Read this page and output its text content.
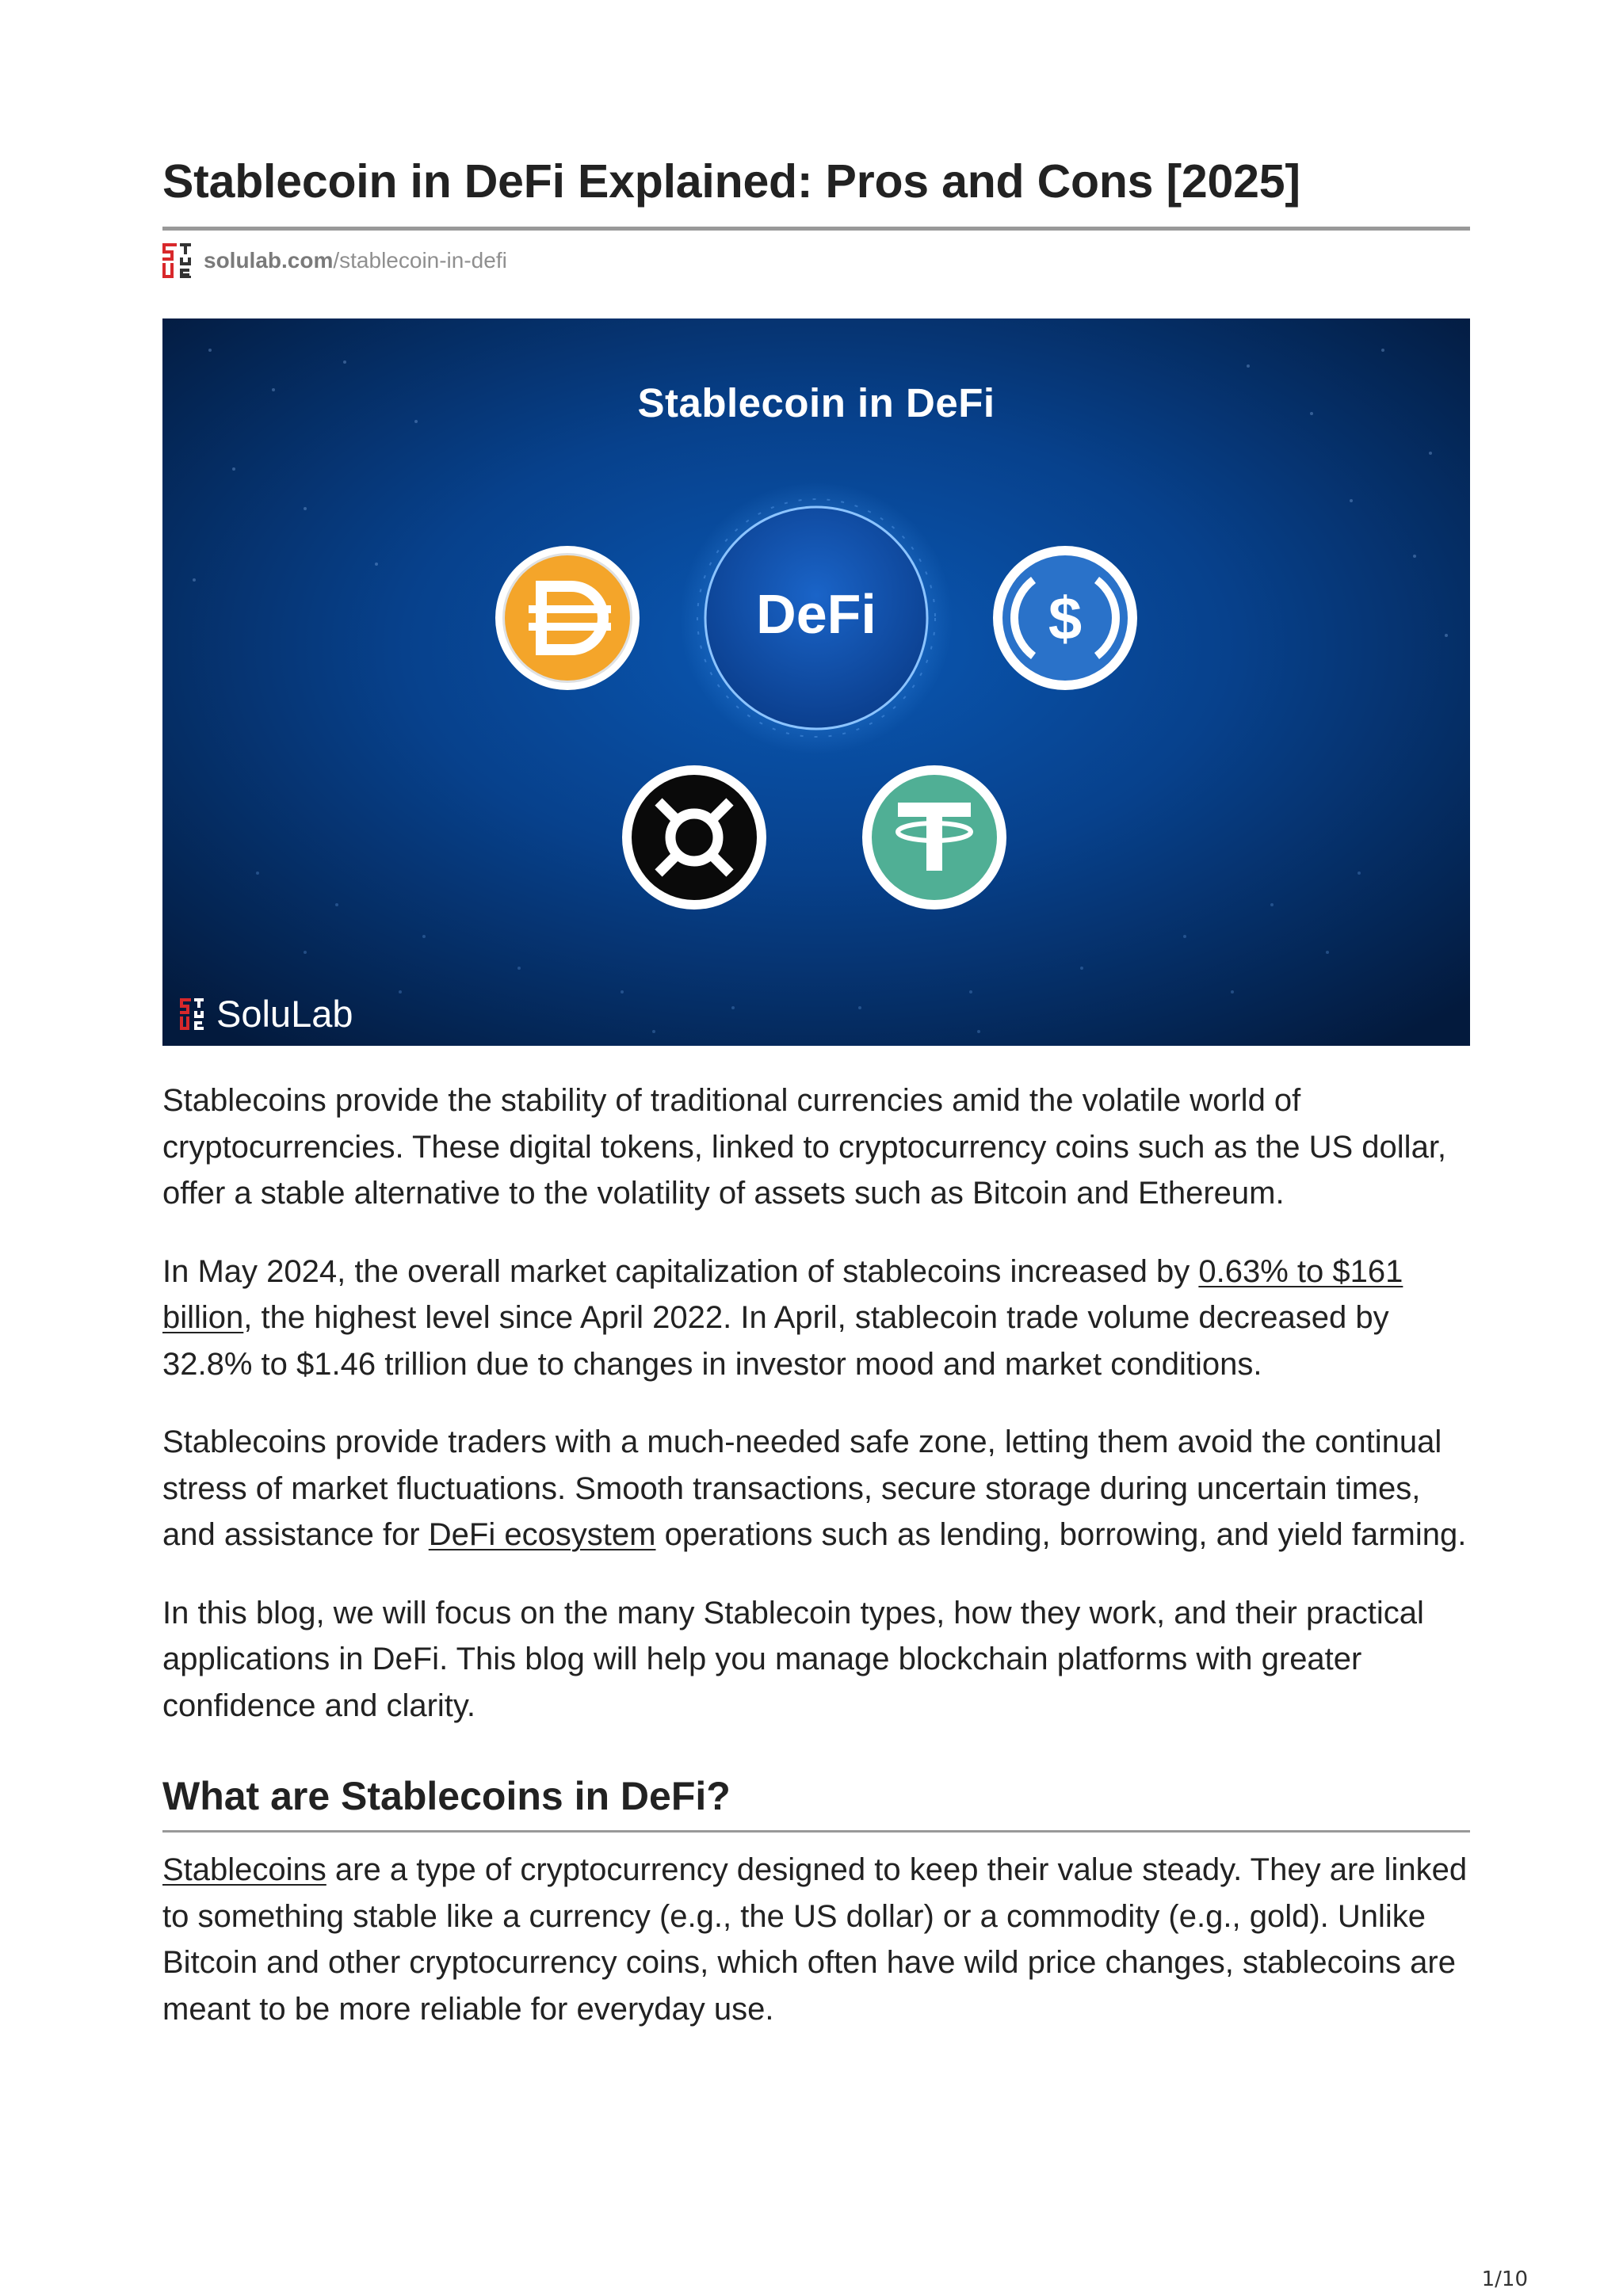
Stablecoin in DeFi Explained: Pros and Cons [2025]
solulab.com /stablecoin-in-defi
$
Stablecoin in DeFi
DeFi
SoluLab

Stablecoins provide the stability of traditional currencies amid the volatile world of cryptocurrencies. These digital tokens, linked to cryptocurrency coins such as the US dollar, offer a stable alternative to the volatility of assets such as Bitcoin and Ethereum.

In May 2024, the overall market capitalization of stablecoins increased by 0.63% to $161 billion, the highest level since April 2022. In April, stablecoin trade volume decreased by 32.8% to $1.46 trillion due to changes in investor mood and market conditions.

Stablecoins provide traders with a much-needed safe zone, letting them avoid the continual stress of market fluctuations. Smooth transactions, secure storage during uncertain times, and assistance for DeFi ecosystem operations such as lending, borrowing, and yield farming.

In this blog, we will focus on the many Stablecoin types, how they work, and their practical applications in DeFi. This blog will help you manage blockchain platforms with greater confidence and clarity.

What are Stablecoins in DeFi?

Stablecoins are a type of cryptocurrency designed to keep their value steady. They are linked to something stable like a currency (e.g., the US dollar) or a commodity (e.g., gold). Unlike Bitcoin and other cryptocurrency coins, which often have wild price changes, stablecoins are meant to be more reliable for everyday use.

1/10
